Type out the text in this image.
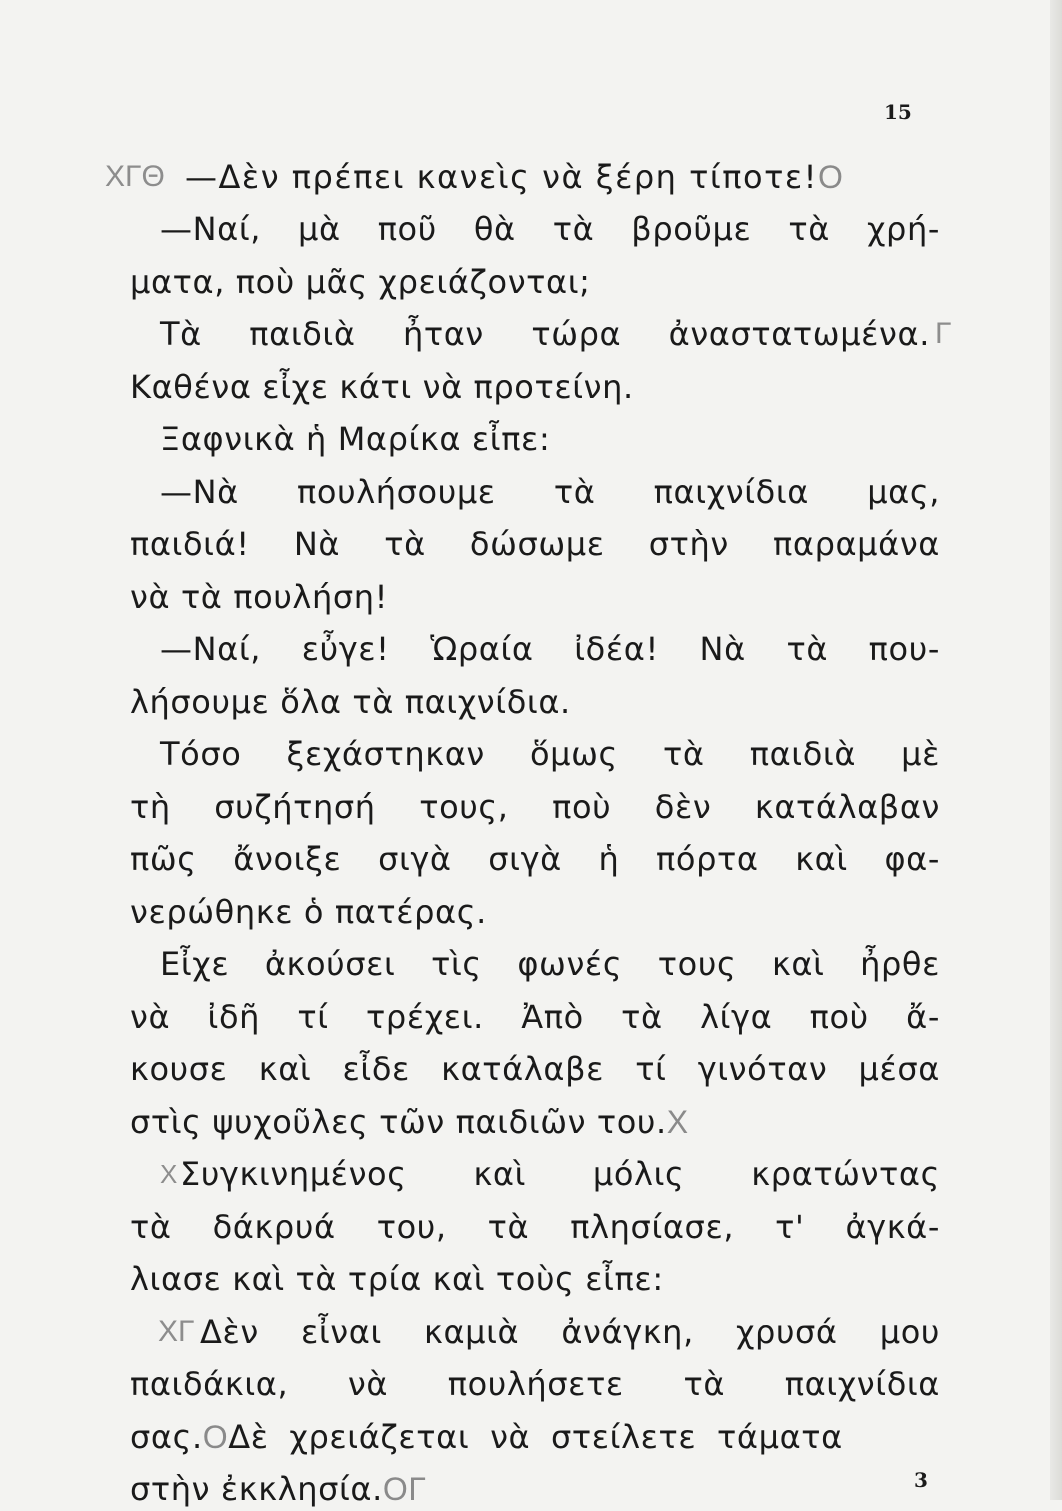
15
XΓΘ —Δὲν πρέπει κανεὶς νὰ ξέρη τίποτε!Ο
—Ναί, μὰ ποῦ θὰ τὰ βροῦμε τὰ χρή-
ματα, ποὺ μᾶς χρειάζονται;
Τὰ παιδιὰ ἦταν τώρα ἀναστατωμένα. Γ
Καθένα εἶχε κάτι νὰ προτείνη.
Ξαφνικὰ ἡ Μαρίκα εἶπε:
—Νὰ πουλήσουμε τὰ παιχνίδια μας,
παιδιά! Νὰ τὰ δώσωμε στὴν παραμάνα
νὰ τὰ πουλήση!
—Ναί, εὖγε! Ὡραία ἰδέα! Νὰ τὰ που-
λήσουμε ὅλα τὰ παιχνίδια.
Τόσο ξεχάστηκαν ὅμως τὰ παιδιὰ μὲ
τὴ συζήτησή τους, ποὺ δὲν κατάλαβαν
πῶς ἄνοιξε σιγὰ σιγὰ ἡ πόρτα καὶ φα-
νερώθηκε ὁ πατέρας.
Εἶχε ἀκούσει τὶς φωνές τους καὶ ἦρθε
νὰ ἰδῆ τί τρέχει. Ἀπὸ τὰ λίγα ποὺ ἄ-
κουσε καὶ εἶδε κατάλαβε τί γινόταν μέσα
στὶς ψυχοῦλες τῶν παιδιῶν του.X
X Συγκινημένος καὶ μόλις κρατώντας
τὰ δάκρυά του, τὰ πλησίασε, τ' ἀγκά-
λιασε καὶ τὰ τρία καὶ τοὺς εἶπε:
XΓ Δὲν εἶναι καμιὰ ἀνάγκη, χρυσά μου
παιδάκια, νὰ πουλήσετε τὰ παιχνίδια
σας.ΟΔὲ χρειάζεται νὰ στείλετε τάματα
στὴν ἐκκλησία.ΟΓ	3
